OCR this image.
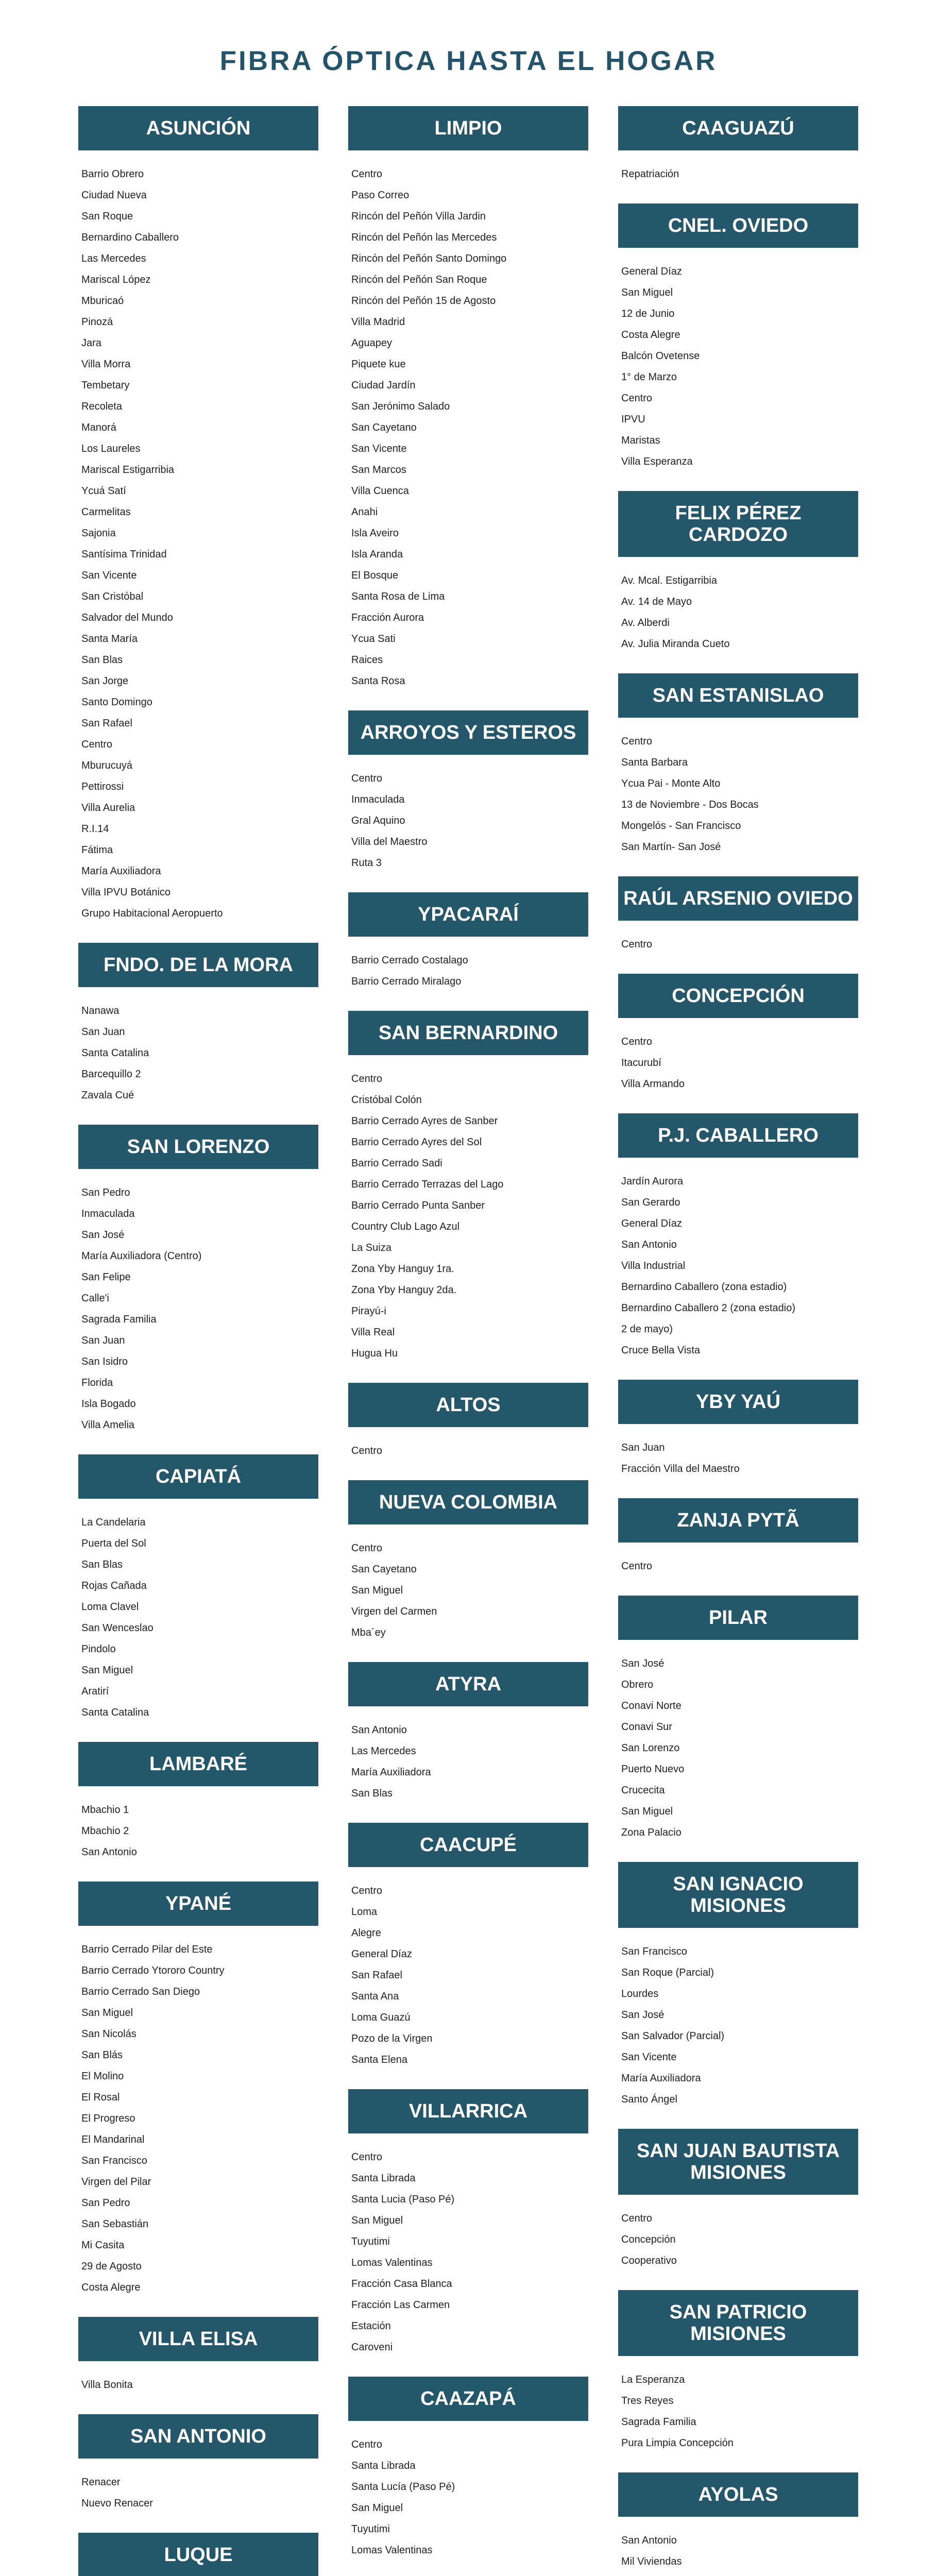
FIBRA ÓPTICA HASTA EL HOGAR
ASUNCIÓN
Barrio Obrero
Ciudad Nueva
San Roque
Bernardino Caballero
Las Mercedes
Mariscal López
Mburicaó
Pinozá
Jara
Villa Morra
Tembetary
Recoleta
Manorá
Los Laureles
Mariscal Estigarribia
Ycuá Satí
Carmelitas
Sajonia
Santísima Trinidad
San Vicente
San Cristóbal
Salvador del Mundo
Santa María
San Blas
San Jorge
Santo Domingo
San Rafael
Centro
Mburucuyá
Pettirossi
Villa Aurelia
R.I.14
Fátima
María Auxiliadora
Villa IPVU Botánico
Grupo Habitacional Aeropuerto
FNDO. DE LA MORA
Nanawa
San Juan
Santa Catalina
Barcequillo 2
Zavala Cué
SAN LORENZO
San Pedro
Inmaculada
San José
María Auxiliadora (Centro)
San Felipe
Calle'i
Sagrada Familia
San Juan
San Isidro
Florida
Isla Bogado
Villa Amelia
CAPIATÁ
La Candelaria
Puerta del Sol
San Blas
Rojas Cañada
Loma Clavel
San Wenceslao
Pindolo
San Miguel
Aratirí
Santa Catalina
LAMBARÉ
Mbachio 1
Mbachio 2
San Antonio
YPANÉ
Barrio Cerrado Pilar del Este
Barrio Cerrado Ytororo Country
Barrio Cerrado San Diego
San Miguel
San Nicolás
San Blás
El Molino
El Rosal
El Progreso
El Mandarinal
San Francisco
Virgen del Pilar
San Pedro
San Sebastián
Mi Casita
29 de Agosto
Costa Alegre
VILLA ELISA
Villa Bonita
SAN ANTONIO
Renacer
Nuevo Renacer
LUQUE
LIMPIO
Centro
Paso Correo
Rincón del Peñón Villa Jardin
Rincón del Peñón las Mercedes
Rincón del Peñón Santo Domingo
Rincón del Peñón San Roque
Rincón del Peñón 15 de Agosto
Villa Madrid
Aguapey
Piquete kue
Ciudad Jardín
San Jerónimo Salado
San Cayetano
San Vicente
San Marcos
Villa Cuenca
Anahi
Isla Aveiro
Isla Aranda
El Bosque
Santa Rosa de Lima
Fracción Aurora
Ycua Sati
Raices
Santa Rosa
ARROYOS Y ESTEROS
Centro
Inmaculada
Gral Aquino
Villa del Maestro
Ruta 3
YPACARAÍ
Barrio Cerrado Costalago
Barrio Cerrado Miralago
SAN BERNARDINO
Centro
Cristóbal Colón
Barrio Cerrado Ayres de Sanber
Barrio Cerrado Ayres del Sol
Barrio Cerrado Sadi
Barrio Cerrado Terrazas del Lago
Barrio Cerrado Punta Sanber
Country Club Lago Azul
La Suiza
Zona Yby Hanguy 1ra.
Zona Yby Hanguy 2da.
Pirayú-i
Villa Real
Hugua Hu
ALTOS
Centro
NUEVA COLOMBIA
Centro
San Cayetano
San Miguel
Virgen del Carmen
Mba´ey
ATYRA
San Antonio
Las Mercedes
María Auxiliadora
San Blas
CAACUPÉ
Centro
Loma
Alegre
General Díaz
San Rafael
Santa Ana
Loma Guazú
Pozo de la Virgen
Santa Elena
VILLARRICA
Centro
Santa Librada
Santa Lucia (Paso Pé)
San Miguel
Tuyutimi
Lomas Valentinas
Fracción Casa Blanca
Fracción Las Carmen
Estación
Caroveni
CAAZAPÁ
Centro
Santa Librada
Santa Lucía (Paso Pé)
San Miguel
Tuyutimi
Lomas Valentinas
CAAGUAZÚ
Repatriación
CNEL. OVIEDO
General Díaz
San Miguel
12 de Junio
Costa Alegre
Balcón Ovetense
1° de Marzo
Centro
IPVU
Maristas
Villa Esperanza
FELIX PÉREZ CARDOZO
Av. Mcal. Estigarribia
Av. 14 de Mayo
Av. Alberdi
Av. Julia Miranda Cueto
SAN ESTANISLAO
Centro
Santa Barbara
Ycua Pai - Monte Alto
13 de Noviembre - Dos Bocas
Mongelós - San Francisco
San Martín- San José
RAÚL ARSENIO OVIEDO
Centro
CONCEPCIÓN
Centro
Itacurubí
Villa Armando
P.J. CABALLERO
Jardín Aurora
San Gerardo
General Díaz
San Antonio
Villa Industrial
Bernardino Caballero (zona estadio)
Bernardino Caballero 2 (zona estadio)
2 de mayo)
Cruce Bella Vista
YBY YAÚ
San Juan
Fracción Villa del Maestro
ZANJA PYTÃ
Centro
PILAR
San José
Obrero
Conavi Norte
Conavi Sur
San Lorenzo
Puerto Nuevo
Crucecita
San Miguel
Zona Palacio
SAN IGNACIO MISIONES
San Francisco
San Roque (Parcial)
Lourdes
San José
San Salvador (Parcial)
San Vicente
María Auxiliadora
Santo Ángel
SAN JUAN BAUTISTA MISIONES
Centro
Concepción
Cooperativo
SAN PATRICIO MISIONES
La Esperanza
Tres Reyes
Sagrada Familia
Pura Limpia Concepción
AYOLAS
San Antonio
Mil Viviendas
